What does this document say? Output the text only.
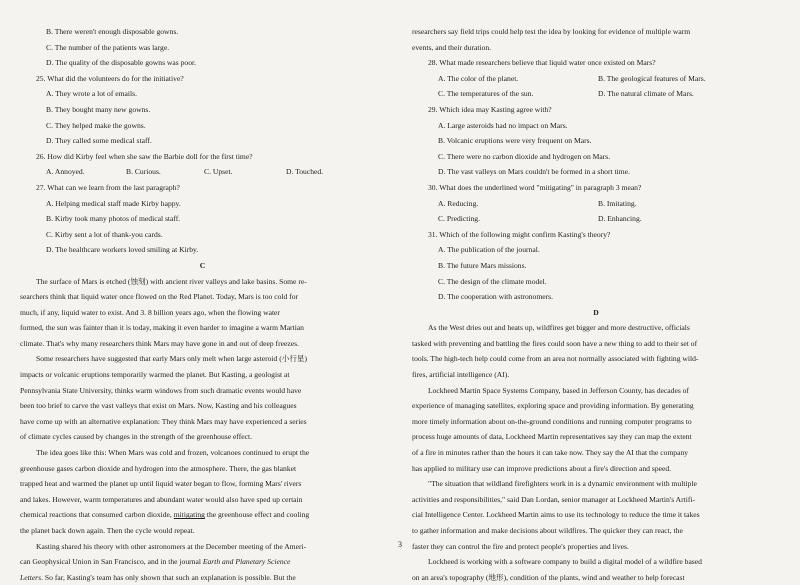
B. There weren't enough disposable gowns.
C. The number of the patients was large.
D. The quality of the disposable gowns was poor.
25. What did the volunteers do for the initiative?
A. They wrote a lot of emails.
B. They bought many new gowns.
C. They helped make the gowns.
D. They called some medical staff.
26. How did Kirby feel when she saw the Barbie doll for the first time?
A. Annoyed.	B. Curious.	C. Upset.	D. Touched.
27. What can we learn from the last paragraph?
A. Helping medical staff made Kirby happy.
B. Kirby took many photos of medical staff.
C. Kirby sent a lot of thank-you cards.
D. The healthcare workers loved smiling at Kirby.
C
The surface of Mars is etched (蚀刻) with ancient river valleys and lake basins. Some re-
searchers think that liquid water once flowed on the Red Planet. Today, Mars is too cold for
much, if any, liquid water to exist. And 3. 8 billion years ago, when the flowing water
formed, the sun was fainter than it is today, making it even harder to imagine a warm Martian
climate. That's why many researchers think Mars may have gone in and out of deep freezes.
Some researchers have suggested that early Mars only melt when large asteroid (小行星)
impacts or volcanic eruptions temporarily warmed the planet. But Kasting, a geologist at
Pennsylvania State University, thinks warm windows from such dramatic events would have
been too brief to carve the vast valleys that exist on Mars. Now, Kasting and his colleagues
have come up with an alternative explanation: They think Mars may have experienced a series
of climate cycles caused by changes in the strength of the greenhouse effect.
The idea goes like this: When Mars was cold and frozen, volcanoes continued to erupt the
greenhouse gases carbon dioxide and hydrogen into the atmosphere. There, the gas blanket
trapped heat and warmed the planet up until liquid water began to flow, forming Mars' rivers
and lakes. However, warm temperatures and abundant water would also have sped up certain
chemical reactions that consumed carbon dioxide, mitigating the greenhouse effect and cooling
the planet back down again. Then the cycle would repeat.
Kasting shared his theory with other astronomers at the December meeting of the Ameri-
can Geophysical Union in San Francisco, and in the journal Earth and Planetary Science
Letters. So far, Kasting's team has only shown that such an explanation is possible. But the
researchers say field trips could help test the idea by looking for evidence of multiple warm
events, and their duration.
28. What made researchers believe that liquid water once existed on Mars?
A. The color of the planet.	B. The geological features of Mars.
C. The temperatures of the sun.	D. The natural climate of Mars.
29. Which idea may Kasting agree with?
A. Large asteroids had no impact on Mars.
B. Volcanic eruptions were very frequent on Mars.
C. There were no carbon dioxide and hydrogen on Mars.
D. The vast valleys on Mars couldn't be formed in a short time.
30. What does the underlined word "mitigating" in paragraph 3 mean?
A. Reducing.	B. Imitating.
C. Predicting.	D. Enhancing.
31. Which of the following might confirm Kasting's theory?
A. The publication of the journal.
B. The future Mars missions.
C. The design of the climate model.
D. The cooperation with astronomers.
D
As the West dries out and heats up, wildfires get bigger and more destructive, officials
tasked with preventing and battling the fires could soon have a new thing to add to their set of
tools. The high-tech help could come from an area not normally associated with fighting wild-
fires, artificial intelligence (AI).
Lockheed Martin Space Systems Company, based in Jefferson County, has decades of
experience of managing satellites, exploring space and providing information. By generating
more timely information about on-the-ground conditions and running computer programs to
process huge amounts of data, Lockheed Martin representatives say they can map the extent
of a fire in minutes rather than the hours it can take now. They say the AI that the company
has applied to military use can improve predictions about a fire's direction and speed.
"The situation that wildland firefighters work in is a dynamic environment with multiple
activities and responsibilities," said Dan Lordan, senior manager at Lockheed Martin's Artifi-
cial Intelligence Center. Lockheed Martin aims to use its technology to reduce the time it takes
to gather information and make decisions about wildfires. The quicker they can react, the
faster they can control the fire and protect people's properties and lives.
Lockheed is working with a software company to build a digital model of a wildfire based
on an area's topography (地形), condition of the plants, wind and weather to help forecast
3
